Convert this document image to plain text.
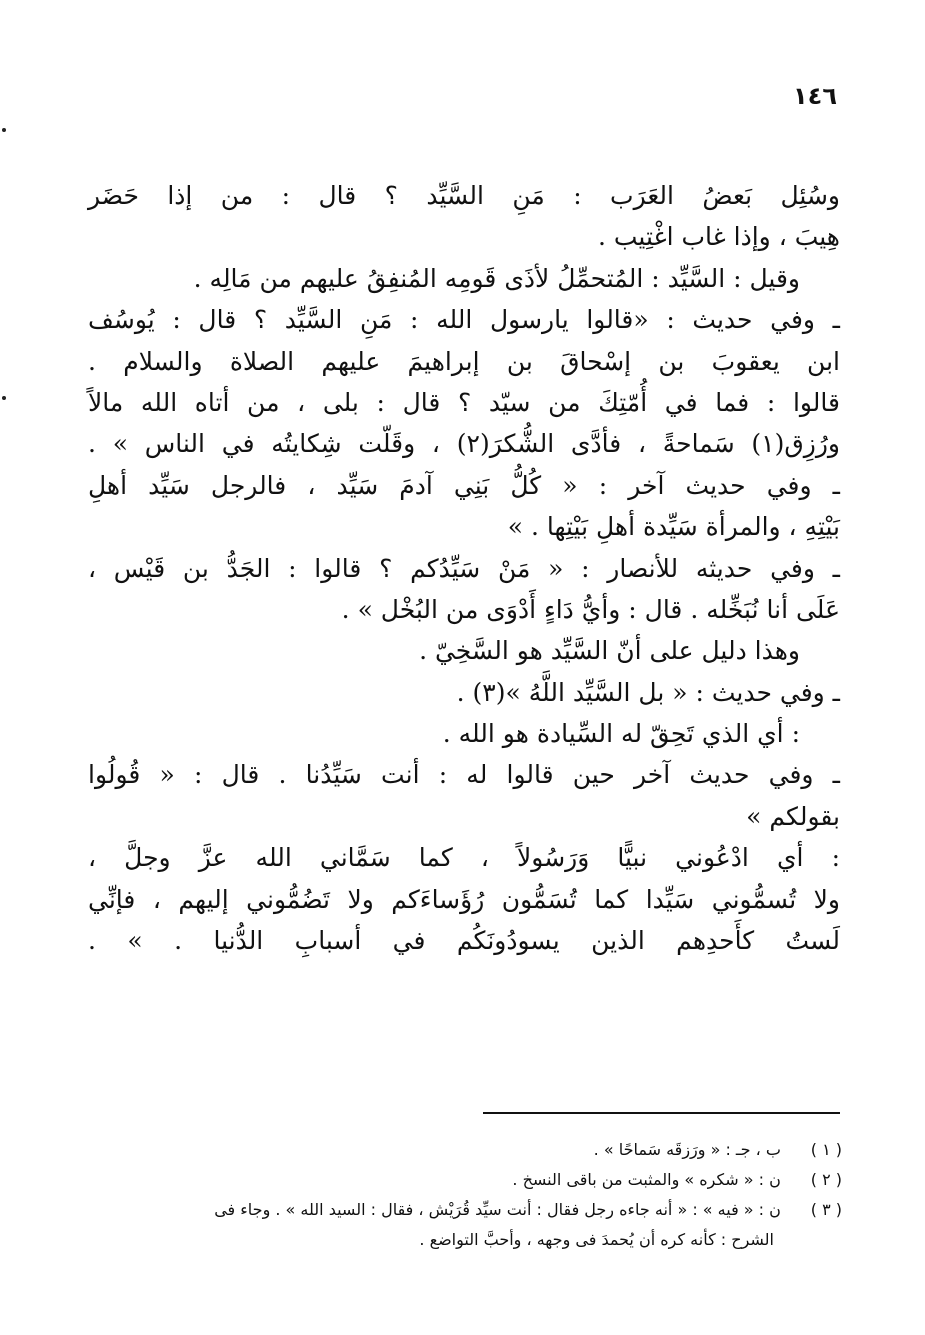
١٤٦
وسُئِل بَعضُ العَرَب : مَنِ السَّيِّد ؟ قال : من إذا حَضَر
هِيبَ ، وإذا غاب اغْتِيب .
وقيل : السَّيِّد : المُتحمِّلُ لأذَى قَومِه المُنفِقُ عليهم من مَالِه .
ـ وفي حديث : «قالوا يارسول الله : مَنِ السَّيِّد ؟ قال : يُوسُف
ابن يعقوبَ بن إسْحاقَ بن إبراهيمَ عليهم الصلاة والسلام .
قالوا : فما في أُمّتِكَ من سيّد ؟ قال : بلى ، من أتاه الله مالاً
ورُزِق(١) سَماحةً ، فأدَّى الشُّكرَ(٢) ، وقَلّت شِكايتُه في الناس » .
ـ وفي حديث آخر : « كُلُّ بَنِي آدمَ سَيِّد ، فالرجل سَيِّد أهلِ
بَيْتِهِ ، والمرأة سَيِّدة أهلِ بَيْتِها . »
ـ وفي حديثه للأنصار : « مَنْ سَيِّدُكم ؟ قالوا : الجَدُّ بن قَيْس ،
عَلَى أنا نُبَخِّله . قال : وأيُّ دَاءٍ أَدْوَى من البُخْل » .
وهذا دليل على أنّ السَّيِّد هو السَّخِيّ .
ـ وفي حديث : « بل السَّيِّد اللَّهُ »(٣) .
: أي الذي تَحِقّ له السِّيادة هو الله .
ـ وفي حديث آخر حين قالوا له : أنت سَيِّدُنا . قال : « قُولُوا
بقولكم »
: أي ادْعُوني نبيًّا وَرَسُولاً ، كما سَمَّاني الله عزَّ وجلَّ ،
ولا تُسمُّوني سَيِّدا كما تُسَمُّون رُؤَساءَكم ولا تَضُمُّوني إليهم ، فإنِّي
لَستُ كأَحدِهم الذين يسودُونَكُم في أسبابِ الدُّنيا . » .
( ١ ) ب ، جـ : « ورَزقَه سَماحًا » .
( ٢ ) ن : « شكره » والمثبت من باقى النسخ .
( ٣ ) ن : « فيه » : « أنه جاءه رجل فقال : أنت سيِّد قُرَيْش ، فقال : السيد الله » . وجاء فى
الشرح : كأنه كره أن يُحمدَ فى وجهه ، وأحبَّ التواضع .
